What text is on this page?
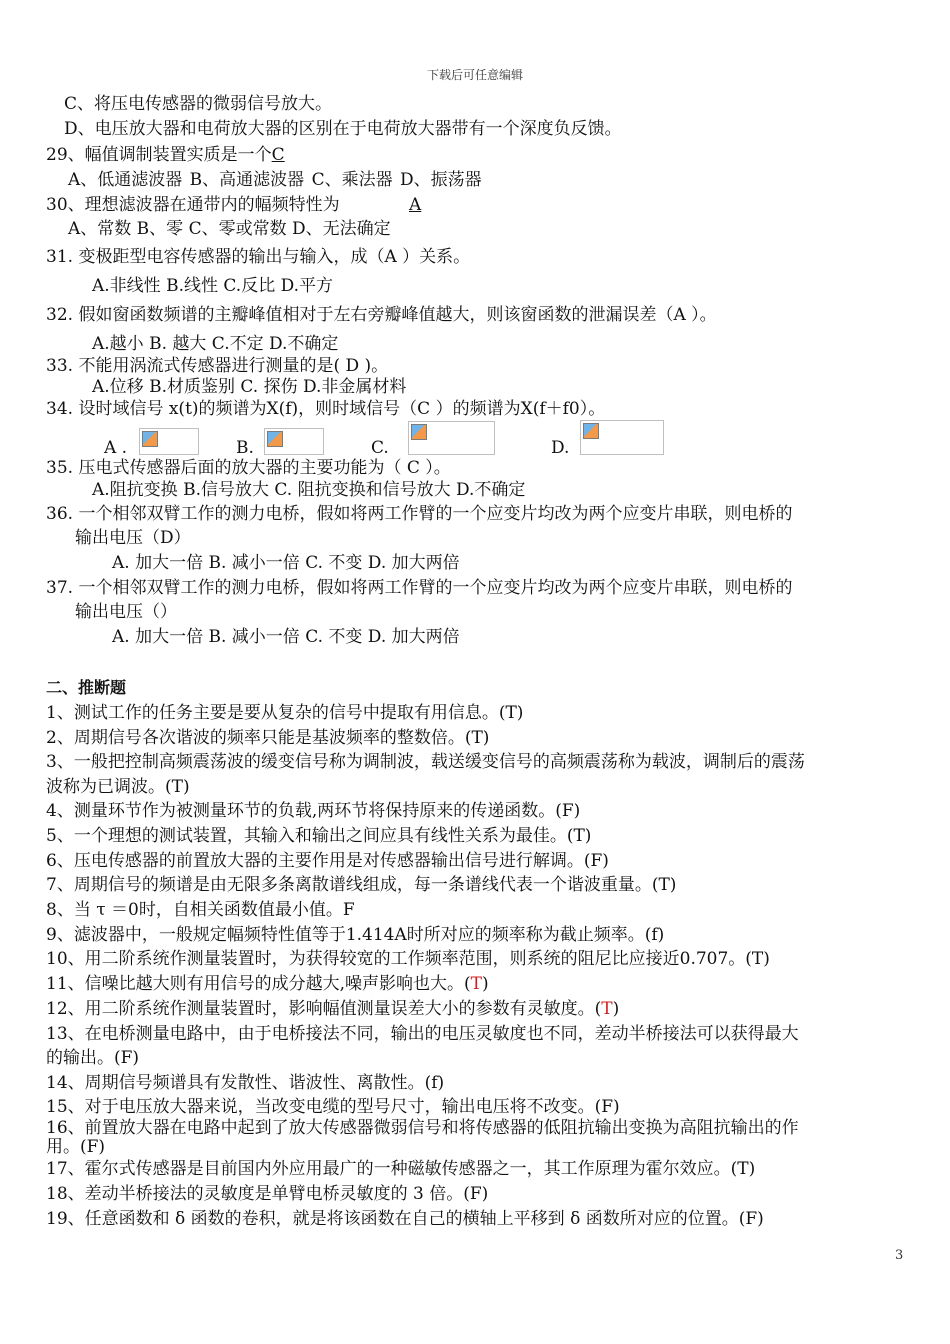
下载后可任意编辑
C、将压电传感器的微弱信号放大。
D、电压放大器和电荷放大器的区别在于电荷放大器带有一个深度负反馈。
29、幅值调制装置实质是一个C
A、低通滤波器 B、高通滤波器 C、乘法器 D、振荡器
30、理想滤波器在通带内的幅频特性为	A
A、常数 B、零 C、零或常数 D、无法确定
31. 变极距型电容传感器的输出与输入，成（A ）关系。
A.非线性 B.线性 C.反比 D.平方
32. 假如窗函数频谱的主瓣峰值相对于左右旁瓣峰值越大，则该窗函数的泄漏误差（A ）。
A.越小 B. 越大 C.不定 D.不确定
33. 不能用涡流式传感器进行测量的是( D )。
A.位移 B.材质鉴别 C. 探伤 D.非金属材料
34. 设时域信号 x(t)的频谱为X(f)，则时域信号（C ）的频谱为X(f＋f0）。
A .	B.	C.	D.
35. 压电式传感器后面的放大器的主要功能为（ C ）。
A.阻抗变换 B.信号放大 C. 阻抗变换和信号放大 D.不确定
36. 一个相邻双臂工作的测力电桥，假如将两工作臂的一个应变片均改为两个应变片串联，则电桥的
输出电压（D）
A. 加大一倍 B. 减小一倍 C. 不变 D. 加大两倍
37. 一个相邻双臂工作的测力电桥，假如将两工作臂的一个应变片均改为两个应变片串联，则电桥的
输出电压（）
A. 加大一倍 B. 减小一倍 C. 不变 D. 加大两倍
二、推断题
1、测试工作的任务主要是要从复杂的信号中提取有用信息。(T)
2、周期信号各次谐波的频率只能是基波频率的整数倍。(T)
3、一般把控制高频震荡波的缓变信号称为调制波，载送缓变信号的高频震荡称为载波，调制后的震荡
波称为已调波。(T)
4、测量环节作为被测量环节的负载,两环节将保持原来的传递函数。(F)
5、一个理想的测试装置，其输入和输出之间应具有线性关系为最佳。(T)
6、压电传感器的前置放大器的主要作用是对传感器输出信号进行解调。(F)
7、周期信号的频谱是由无限多条离散谱线组成，每一条谱线代表一个谐波重量。(T)
8、当 τ ＝0时，自相关函数值最小值。F
9、滤波器中，一般规定幅频特性值等于1.414A时所对应的频率称为截止频率。(f)
10、用二阶系统作测量装置时，为获得较宽的工作频率范围，则系统的阻尼比应接近0.707。(T)
11、信噪比越大则有用信号的成分越大,噪声影响也大。(T)
12、用二阶系统作测量装置时，影响幅值测量误差大小的参数有灵敏度。(T)
13、在电桥测量电路中，由于电桥接法不同，输出的电压灵敏度也不同，差动半桥接法可以获得最大
的输出。(F)
14、周期信号频谱具有发散性、谐波性、离散性。(f)
15、对于电压放大器来说，当改变电缆的型号尺寸，输出电压将不改变。(F)
16、前置放大器在电路中起到了放大传感器微弱信号和将传感器的低阻抗输出变换为高阻抗输出的作
用。(F)
17、霍尔式传感器是目前国内外应用最广的一种磁敏传感器之一，其工作原理为霍尔效应。(T)
18、差动半桥接法的灵敏度是单臂电桥灵敏度的 3 倍。(F)
19、任意函数和 δ 函数的卷积，就是将该函数在自己的横轴上平移到 δ 函数所对应的位置。(F)
3
